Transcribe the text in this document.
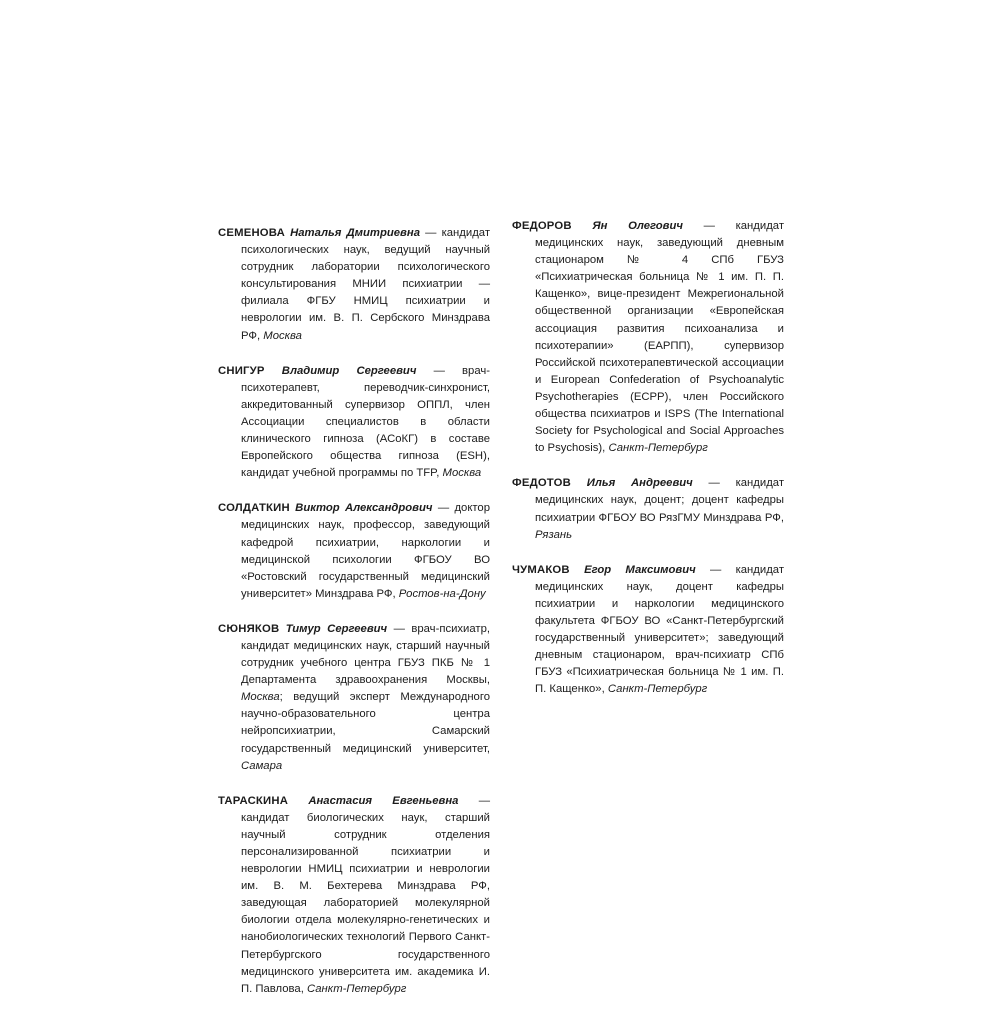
СЕМЕНОВА Наталья Дмитриевна — кандидат психологических наук, ведущий научный сотрудник лаборатории психологического консультирования МНИИ психиатрии — филиала ФГБУ НМИЦ психиатрии и неврологии им. В. П. Сербского Минздрава РФ, Москва

СНИГУР Владимир Сергеевич — врач-психотерапевт, переводчик-синхронист, аккредитованный супервизор ОППЛ, член Ассоциации специалистов в области клинического гипноза (АСоКГ) в составе Европейского общества гипноза (ESH), кандидат учебной программы по TFP, Москва

СОЛДАТКИН Виктор Александрович — доктор медицинских наук, профессор, заведующий кафедрой психиатрии, наркологии и медицинской психологии ФГБОУ ВО «Ростовский государственный медицинский университет» Минздрава РФ, Ростов-на-Дону

СЮНЯКОВ Тимур Сергеевич — врач-психиатр, кандидат медицинских наук, старший научный сотрудник учебного центра ГБУЗ ПКБ № 1 Департамента здравоохранения Москвы, Москва; ведущий эксперт Международного научно-образовательного центра нейропсихиатрии, Самарский государственный медицинский университет, Самара

ТАРАСКИНА Анастасия Евгеньевна — кандидат биологических наук, старший научный сотрудник отделения персонализированной психиатрии и неврологии НМИЦ психиатрии и неврологии им. В. М. Бехтерева Минздрава РФ, заведующая лабораторией молекулярной биологии отдела молекулярно-генетических и нанобиологических технологий Первого Санкт-Петербургского государственного медицинского университета им. академика И. П. Павлова, Санкт-Петербург

ФЕДОРОВ Ян Олегович — кандидат медицинских наук, заведующий дневным стационаром № 4 СПб ГБУЗ «Психиатрическая больница № 1 им. П. П. Кащенко», вице-президент Межрегиональной общественной организации «Европейская ассоциация развития психоанализа и психотерапии» (ЕАРПП), супервизор Российской психотерапевтической ассоциации и European Confederation of Psychoanalytic Psychotherapies (ECPP), член Российского общества психиатров и ISPS (The International Society for Psychological and Social Approaches to Psychosis), Санкт-Петербург

ФЕДОТОВ Илья Андреевич — кандидат медицинских наук, доцент; доцент кафедры психиатрии ФГБОУ ВО РязГМУ Минздрава РФ, Рязань

ЧУМАКОВ Егор Максимович — кандидат медицинских наук, доцент кафедры психиатрии и наркологии медицинского факультета ФГБОУ ВО «Санкт-Петербургский государственный университет»; заведующий дневным стационаром, врач-психиатр СПб ГБУЗ «Психиатрическая больница № 1 им. П. П. Кащенко», Санкт-Петербург
